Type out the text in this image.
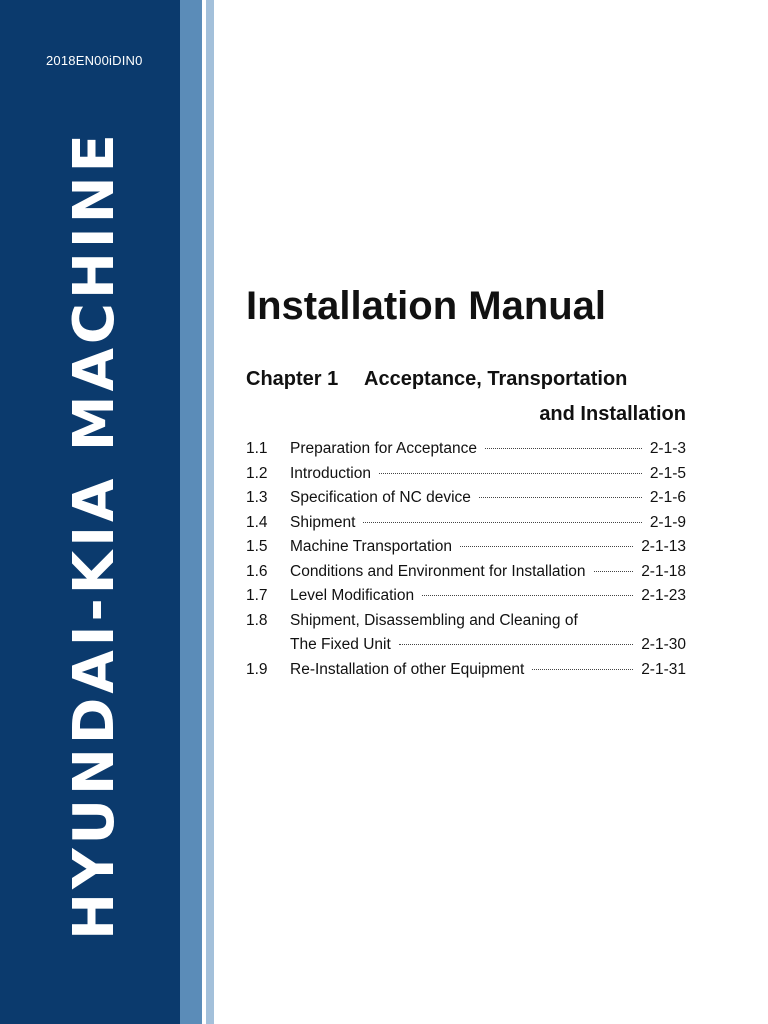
2018EN00iDIN0
HYUNDAI-KIA MACHINE	Installation Manual
Chapter 1 Acceptance, Transportation
and Installation
1.1	Preparation for Acceptance	2-1-3
1.2	Introduction	2-1-5
1.3	Specification of NC device	2-1-6
1.4	Shipment	2-1-9
1.5	Machine Transportation	2-1-13
1.6	Conditions and Environment for Installation	2-1-18
1.7	Level Modification	2-1-23
1.8	Shipment, Disassembling and Cleaning of
The Fixed Unit	2-1-30
1.9	Re-Installation of other Equipment	2-1-31
